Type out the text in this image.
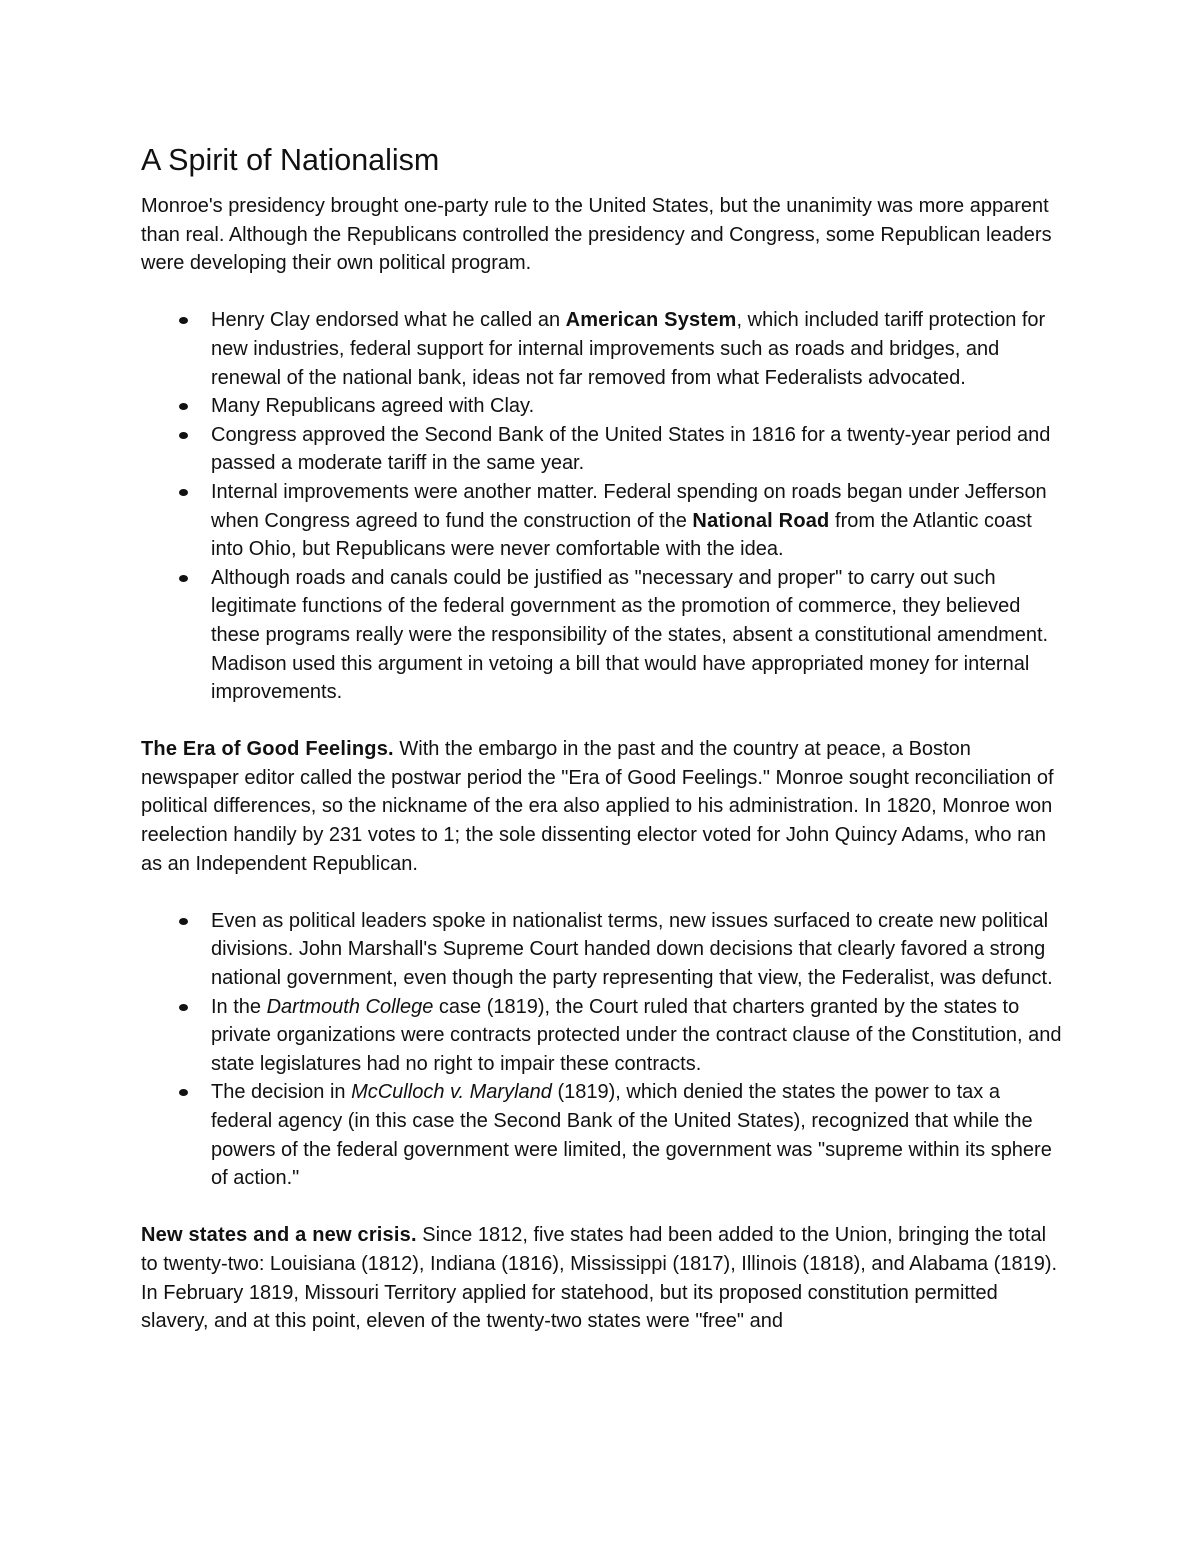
A Spirit of Nationalism

Monroe's presidency brought one-party rule to the United States, but the unanimity was more apparent than real. Although the Republicans controlled the presidency and Congress, some Republican leaders were developing their own political program.

Henry Clay endorsed what he called an American System, which included tariff protection for new industries, federal support for internal improvements such as roads and bridges, and renewal of the national bank, ideas not far removed from what Federalists advocated.
Many Republicans agreed with Clay.
Congress approved the Second Bank of the United States in 1816 for a twenty-year period and passed a moderate tariff in the same year.
Internal improvements were another matter. Federal spending on roads began under Jefferson when Congress agreed to fund the construction of the National Road from the Atlantic coast into Ohio, but Republicans were never comfortable with the idea.
Although roads and canals could be justified as "necessary and proper" to carry out such legitimate functions of the federal government as the promotion of commerce, they believed these programs really were the responsibility of the states, absent a constitutional amendment. Madison used this argument in vetoing a bill that would have appropriated money for internal improvements.

The Era of Good Feelings. With the embargo in the past and the country at peace, a Boston newspaper editor called the postwar period the "Era of Good Feelings." Monroe sought reconciliation of political differences, so the nickname of the era also applied to his administration. In 1820, Monroe won reelection handily by 231 votes to 1; the sole dissenting elector voted for John Quincy Adams, who ran as an Independent Republican.

Even as political leaders spoke in nationalist terms, new issues surfaced to create new political divisions. John Marshall's Supreme Court handed down decisions that clearly favored a strong national government, even though the party representing that view, the Federalist, was defunct.
In the Dartmouth College case (1819), the Court ruled that charters granted by the states to private organizations were contracts protected under the contract clause of the Constitution, and state legislatures had no right to impair these contracts.
The decision in McCulloch v. Maryland (1819), which denied the states the power to tax a federal agency (in this case the Second Bank of the United States), recognized that while the powers of the federal government were limited, the government was "supreme within its sphere of action."

New states and a new crisis. Since 1812, five states had been added to the Union, bringing the total to twenty-two: Louisiana (1812), Indiana (1816), Mississippi (1817), Illinois (1818), and Alabama (1819). In February 1819, Missouri Territory applied for statehood, but its proposed constitution permitted slavery, and at this point, eleven of the twenty-two states were "free" and
